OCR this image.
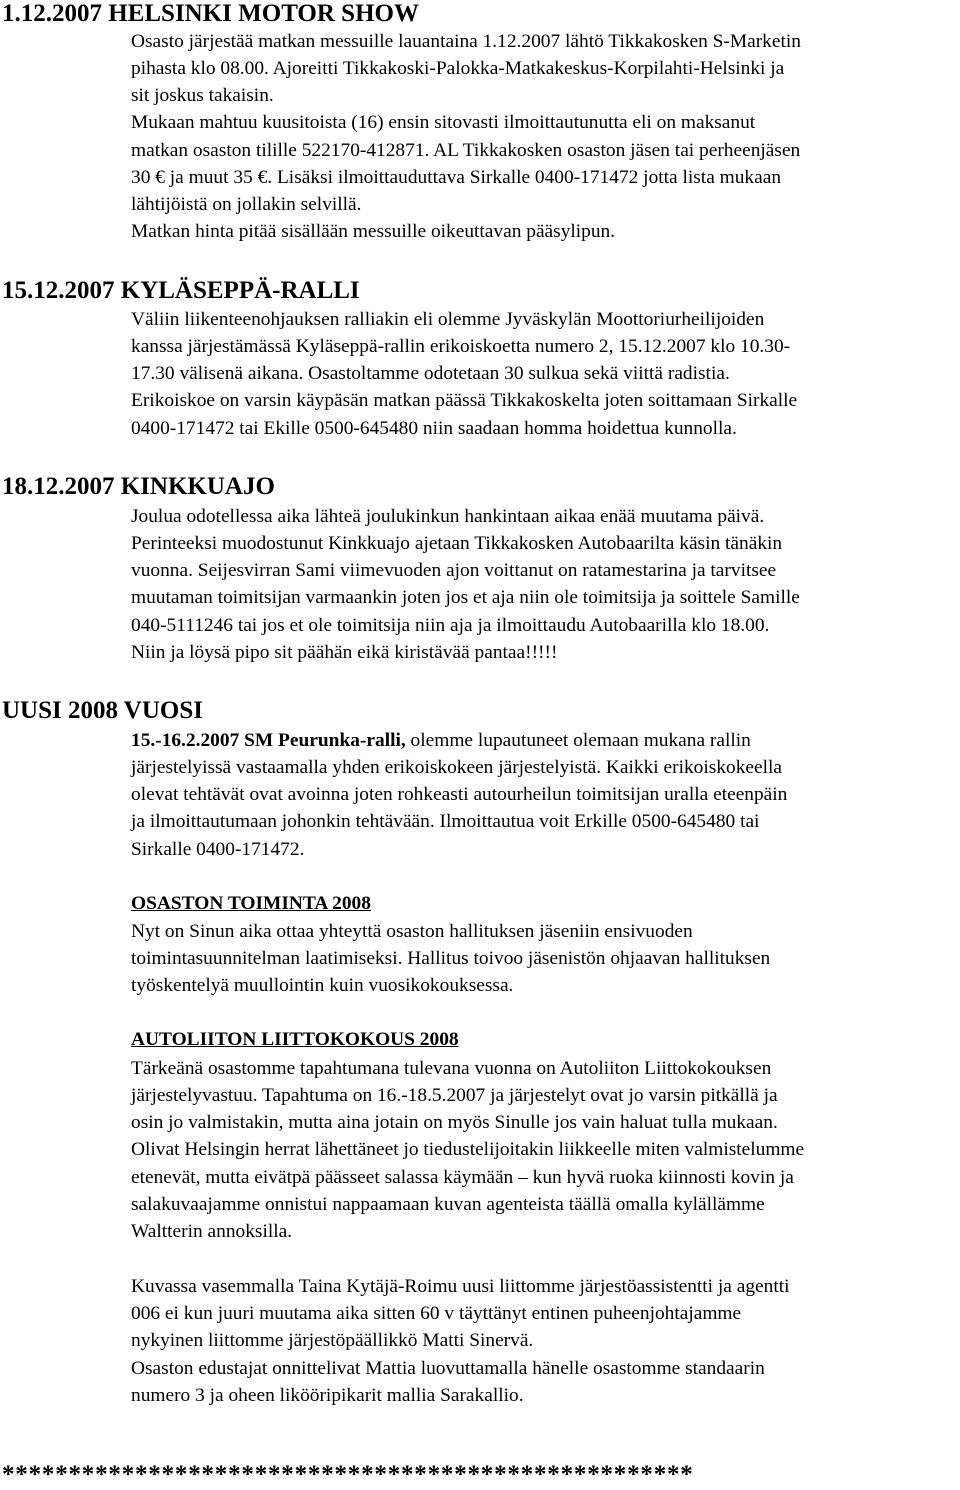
1.12.2007 HELSINKI MOTOR SHOW
Osasto järjestää matkan messuille lauantaina 1.12.2007 lähtö Tikkakosken S-Marketin
pihasta klo 08.00. Ajoreitti Tikkakoski-Palokka-Matkakeskus-Korpilahti-Helsinki ja
sit joskus takaisin.
Mukaan mahtuu kuusitoista (16) ensin sitovasti ilmoittautunutta eli on maksanut
matkan osaston tilille 522170-412871. AL Tikkakosken osaston jäsen tai perheenjäsen
30 € ja muut 35 €. Lisäksi ilmoittauduttava Sirkalle 0400-171472 jotta lista mukaan
lähtijöistä on jollakin selvillä.
Matkan hinta pitää sisällään messuille oikeuttavan pääsylipun.
15.12.2007 KYLÄSEPPÄ-RALLI
Väliin liikenteenohjauksen ralliakin eli olemme Jyväskylän Moottoriurheilijoiden
kanssa järjestämässä Kyläseppä-rallin erikoiskoetta numero 2, 15.12.2007 klo 10.30-
17.30 välisenä aikana. Osastoltamme odotetaan 30 sulkua sekä viittä radistia.
Erikoiskoe on varsin käypäsän matkan päässä Tikkakoskelta joten soittamaan Sirkalle
0400-171472 tai Ekille 0500-645480 niin saadaan homma hoidettua kunnolla.
18.12.2007 KINKKUAJO
Joulua odotellessa aika lähteä joulukinkun hankintaan aikaa enää muutama päivä.
Perinteeksi muodostunut Kinkkuajo ajetaan Tikkakosken Autobaarilta käsin tänäkin
vuonna. Seijesvirran Sami viimevuoden ajon voittanut on ratamestarina ja tarvitsee
muutaman toimitsijan varmaankin joten jos et aja niin ole toimitsija ja soittele Samille
040-5111246 tai jos et ole toimitsija niin aja ja ilmoittaudu Autobaarilla klo 18.00.
Niin ja löysä pipo sit päähän eikä kiristävää pantaa!!!!!
UUSI 2008 VUOSI
15.-16.2.2007 SM Peurunka-ralli, olemme lupautuneet olemaan mukana rallin
järjestelyissä vastaamalla yhden erikoiskokeen järjestelyistä. Kaikki erikoiskokeella
olevat tehtävät ovat avoinna joten rohkeasti autourheilun toimitsijan uralla eteenpäin
ja ilmoittautumaan johonkin tehtävään. Ilmoittautua voit Erkille 0500-645480 tai
Sirkalle 0400-171472.
OSASTON TOIMINTA 2008
Nyt on Sinun aika ottaa yhteyttä osaston hallituksen jäseniin ensivuoden
toimintasuunnitelman laatimiseksi. Hallitus toivoo jäsenistön ohjaavan hallituksen
työskentelyä muullointin kuin vuosikokouksessa.
AUTOLIITON LIITTOKOKOUS 2008
Tärkeänä osastomme tapahtumana tulevana vuonna on Autoliiton Liittokokouksen
järjestelyvastuu. Tapahtuma on 16.-18.5.2007 ja järjestelyt ovat jo varsin pitkällä ja
osin jo valmistakin, mutta aina jotain on myös Sinulle jos vain haluat tulla mukaan.
Olivat Helsingin herrat lähettäneet jo tiedustelijoitakin liikkeelle miten valmistelumme
etenevät, mutta eivätpä päässeet salassa käymään – kun hyvä ruoka kiinnosti kovin ja
salakuvaajamme onnistui nappaamaan kuvan agenteista täällä omalla kylällämme
Waltterin annoksilla.
Kuvassa vasemmalla Taina Kytäjä-Roimu uusi liittomme järjestöassistentti ja agentti
006 ei kun juuri muutama aika sitten 60 v täyttänyt entinen puheenjohtajamme
nykyinen liittomme järjestöpäällikkö Matti Sinervä.
Osaston edustajat onnittelivat Mattia luovuttamalla hänelle osastomme standaarin
numero 3 ja oheen likööripikarit mallia Sarakallio.
****************************************************
